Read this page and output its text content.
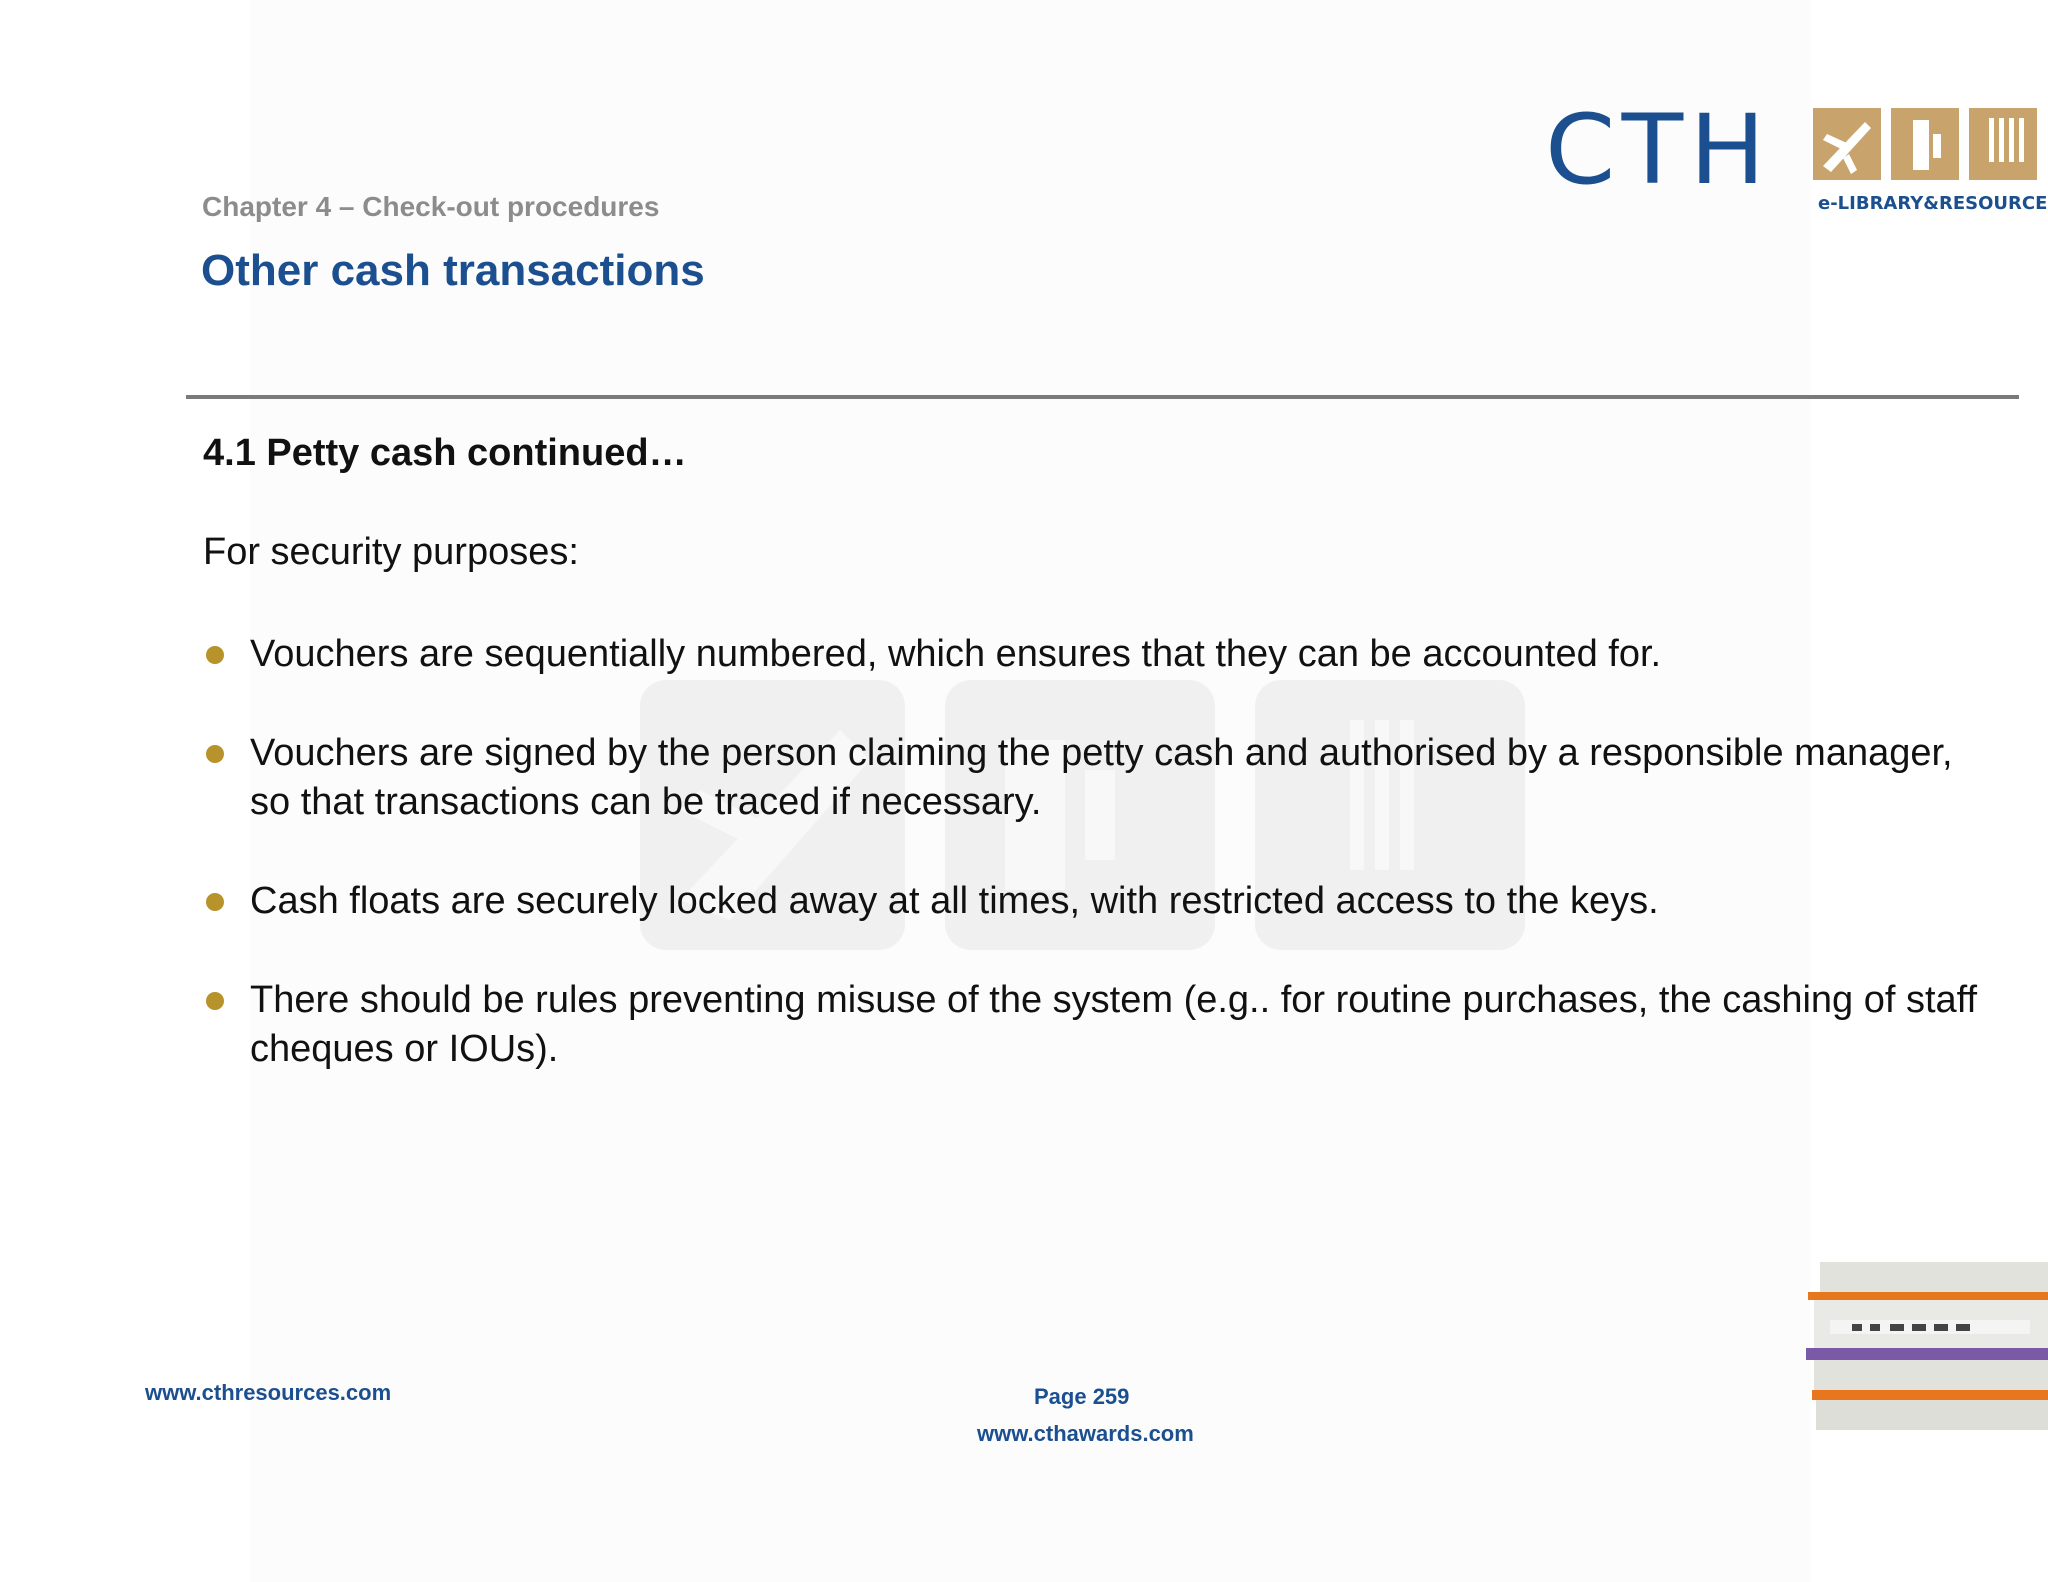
CTH	e-LIBRARY&RESOURCE
Chapter 4 – Check-out procedures
Other cash transactions
4.1 Petty cash continued…
For security purposes:
Vouchers are sequentially numbered, which ensures that they can be accounted for.
Vouchers are signed by the person claiming the petty cash and authorised by a responsible manager, so that transactions can be traced if necessary.
Cash floats are securely locked away at all times, with restricted access to the keys.
There should be rules preventing misuse of the system (e.g.. for routine purchases, the cashing of staff cheques or IOUs).
www.cthresources.com	Page 259
www.cthawards.com
